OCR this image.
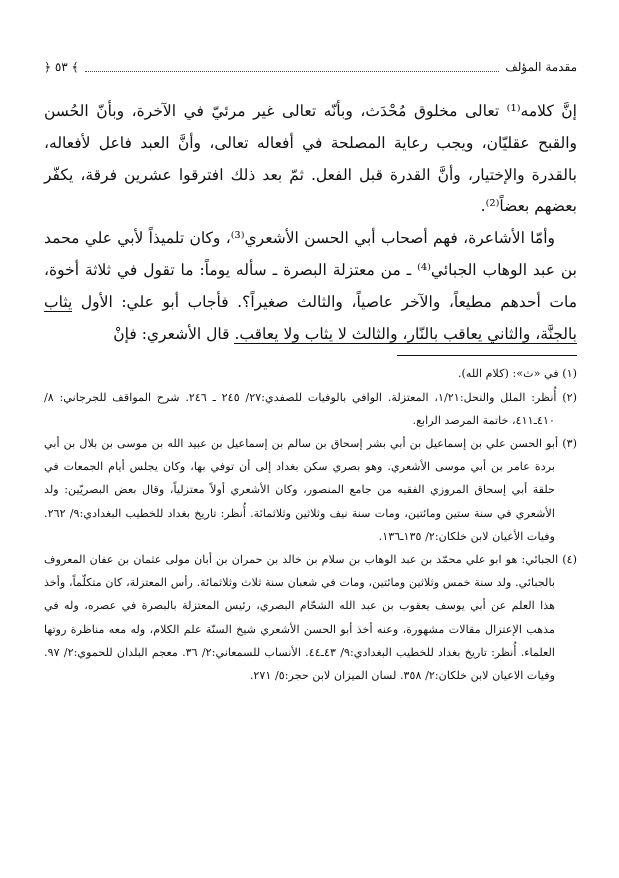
مقدمة المؤلف
﴾ ٥٣ ﴿

إنَّ كلامه⁽¹⁾ تعالى مخلوق مُحْدَث، وبأنّه تعالى غير مرئيّ في الآخرة، وبأنّ الحُسن والقبح عقليّان، ويجب رعاية المصلحة في أفعاله تعالى، وأنَّ العبد فاعل لأفعاله، بالقدرة والإختيار، وأنَّ القدرة قبل الفعل. ثمّ بعد ذلك افترقوا عشرين فرقة، يكفّر بعضهم بعضاً⁽²⁾.

وأمّا الأشاعرة، فهم أصحاب أبي الحسن الأشعري⁽³⁾، وكان تلميذاً لأبي علي محمد بن عبد الوهاب الجبائي⁽⁴⁾ ـ من معتزلة البصرة ـ سأله يوماً: ما تقول في ثلاثة أخوة، مات أحدهم مطيعاً، والآخر عاصياً، والثالث صغيراً؟. فأجاب أبو علي: الأول يثاب بالجنَّة، والثاني يعاقب بالنّار، والثالث لا يثاب ولا يعاقب. قال الأشعري: فإنْ

(١) في «ث»: (كلام الله).

(٢) أُنظر: الملل والنحل:١/٢١، المعتزلة. الوافي بالوفيات للصفدي:٢٧/ ٢٤٥ ـ ٢٤٦. شرح المواقف للجرجاني: ٨/ ٤١٠ـ٤١١، خاتمة المرصد الرابع.

(٣) أبو الحسن علي بن إسماعيل بن أبي بشر إسحاق بن سالم بن إسماعيل بن عبيد الله بن موسى بن بلال بن أبي بردة عامر بن أبي موسى الأشعري. وهو بصري سكن بغداد إلى أن توفي بها، وكان يجلس أيام الجمعات في حلقة أبي إسحاق المروزي الفقيه من جامع المنصور، وكان الأشعري أولاً معتزلياً، وقال بعض البصريّين: ولد الأشعري في سنة ستين ومائتين، ومات سنة نيف وثلاثين وثلاثمائة. أُنظر: تاريخ بغداد للخطيب البغدادي:٩/ ٢٦٢. وفيات الأعيان لابن خلكان:٢/ ١٣٥ـ١٣٦.

(٤) الجبائي: هو ابو علي محمّد بن عبد الوهاب بن سلام بن خالد بن حمران بن أبان مولى عثمان بن عفان المعروف بالجبائي. ولد سنة خمس وثلاثين ومائتين، ومات في شعبان سنة ثلاث وثلاثمائة. رأس المعتزلة، كان متكلّماً، وأخذ هذا العلم عن أبي يوسف يعقوب بن عبد الله الشحّام البصري، رئيس المعتزلة بالبصرة في عصره، وله في مذهب الإعتزال مقالات مشهورة، وعنه أخذ أبو الحسن الأشعري شيخ السنّة علم الكلام، وله معه مناظرة روتها العلماء. أُنظر: تاريخ بغداد للخطيب البغدادي:٩/ ٤٣ـ٤٤. الأنساب للسمعاني:٢/ ٣٦. معجم البلدان للحموي:٢/ ٩٧. وفيات الاعيان لابن خلكان:٢/ ٣٥٨. لسان الميزان لابن حجر:٥/ ٢٧١.
